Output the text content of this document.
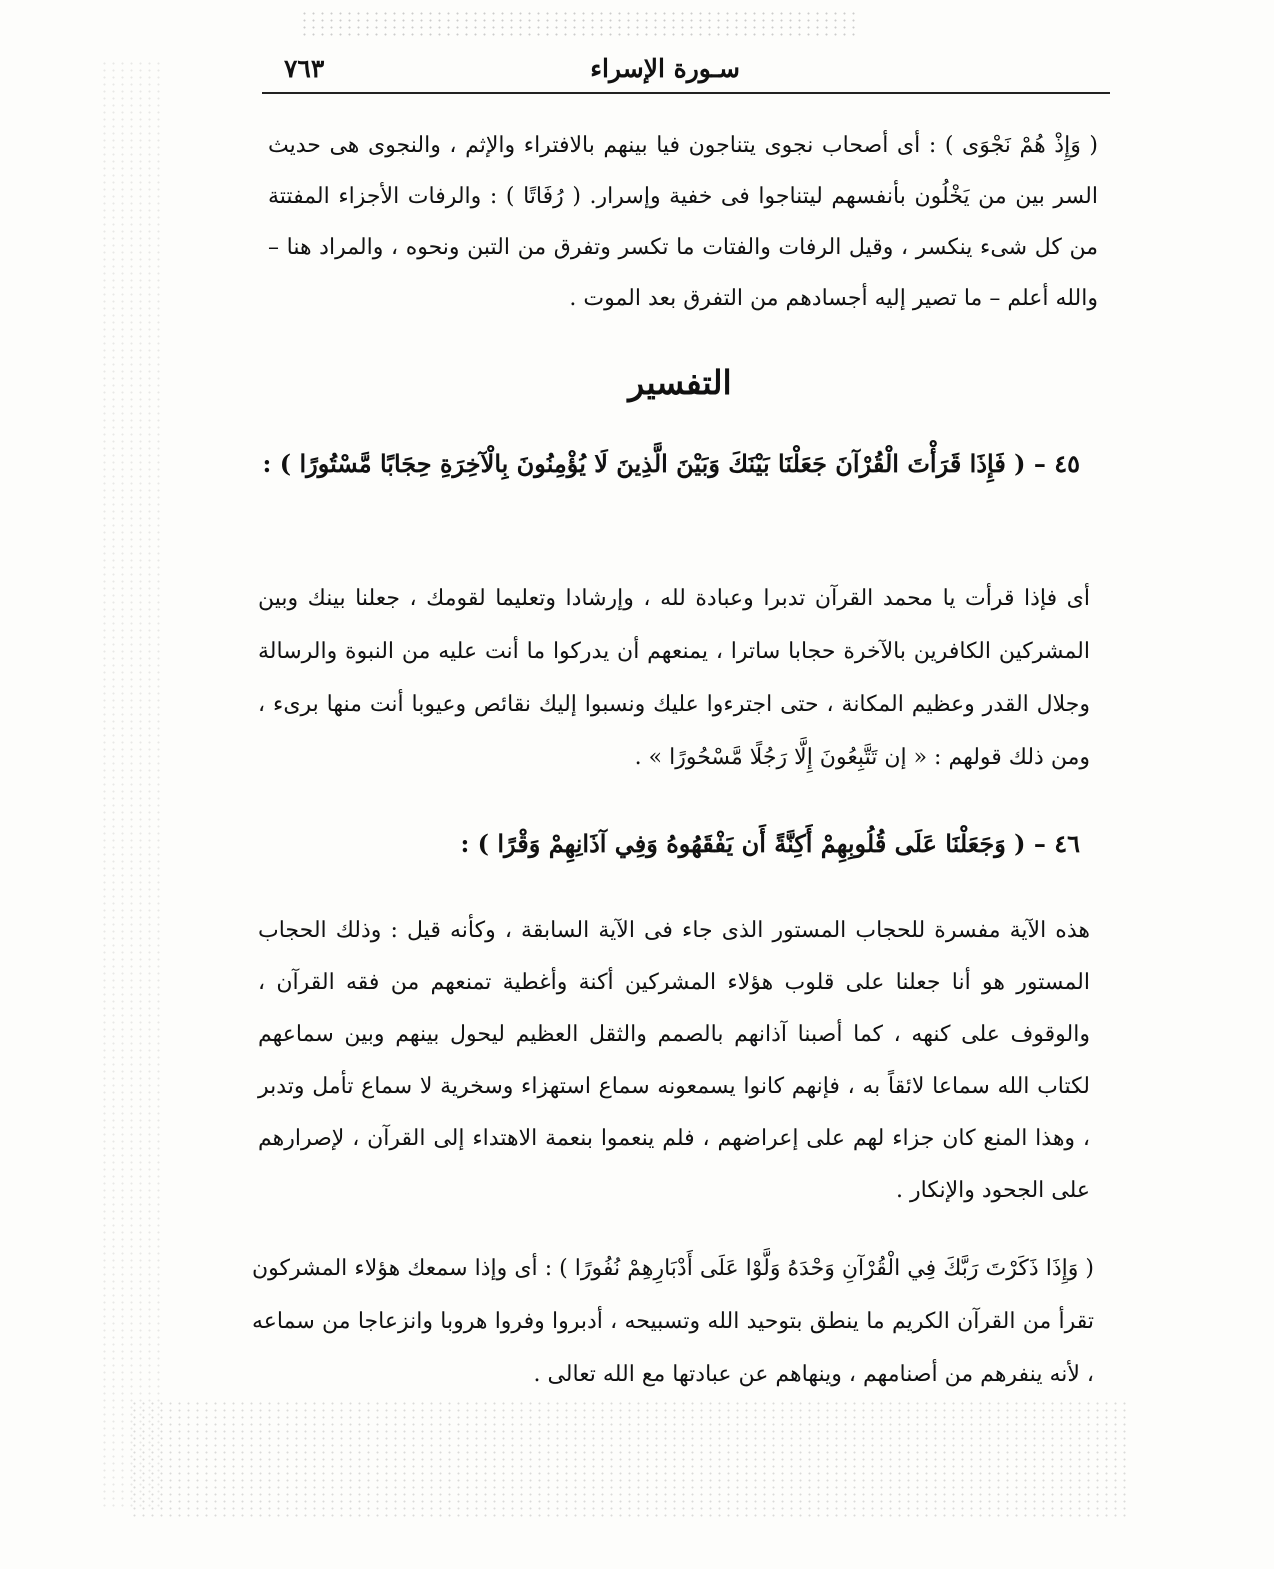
سـورة الإسراء
٧٦٣
( وَإِذْ هُمْ نَجْوَى ) : أى أصحاب نجوى يتناجون فيا بينهم بالافتراء والإثم ، والنجوى هى حديث السر بين من يَخْلُون بأنفسهم ليتناجوا فى خفية وإسرار. ( رُفَاتًا ) : والرفات الأجزاء المفتتة من كل شىء ينكسر ، وقيل الرفات والفتات ما تكسر وتفرق من التبن ونحوه ، والمراد هنا – والله أعلم – ما تصير إليه أجسادهم من التفرق بعد الموت .
التفسير
٤٥ – ( فَإِذَا قَرَأْتَ الْقُرْآنَ جَعَلْنَا بَيْنَكَ وَبَيْنَ الَّذِينَ لَا يُؤْمِنُونَ بِالْآخِرَةِ حِجَابًا مَّسْتُورًا ) :
أى فإذا قرأت يا محمد القرآن تدبرا وعبادة لله ، وإرشادا وتعليما لقومك ، جعلنا بينك وبين المشركين الكافرين بالآخرة حجابا ساترا ، يمنعهم أن يدركوا ما أنت عليه من النبوة والرسالة وجلال القدر وعظيم المكانة ، حتى اجترءوا عليك ونسبوا إليك نقائص وعيوبا أنت منها برىء ، ومن ذلك قولهم : « إن تَتَّبِعُونَ إِلَّا رَجُلًا مَّسْحُورًا » .
٤٦ – ( وَجَعَلْنَا عَلَى قُلُوبِهِمْ أَكِنَّةً أَن يَفْقَهُوهُ وَفِي آذَانِهِمْ وَقْرًا ) :
هذه الآية مفسرة للحجاب المستور الذى جاء فى الآية السابقة ، وكأنه قيل : وذلك الحجاب المستور هو أنا جعلنا على قلوب هؤلاء المشركين أكنة وأغطية تمنعهم من فقه القرآن ، والوقوف على كنهه ، كما أصبنا آذانهم بالصمم والثقل العظيم ليحول بينهم وبين سماعهم لكتاب الله سماعا لائقاً به ، فإنهم كانوا يسمعونه سماع استهزاء وسخرية لا سماع تأمل وتدبر ، وهذا المنع كان جزاء لهم على إعراضهم ، فلم ينعموا بنعمة الاهتداء إلى القرآن ، لإصرارهم على الجحود والإنكار .
( وَإِذَا ذَكَرْتَ رَبَّكَ فِي الْقُرْآنِ وَحْدَهُ وَلَّوْا عَلَى أَدْبَارِهِمْ نُفُورًا ) : أى وإذا سمعك هؤلاء المشركون تقرأ من القرآن الكريم ما ينطق بتوحيد الله وتسبيحه ، أدبروا وفروا هروبا وانزعاجا من سماعه ، لأنه ينفرهم من أصنامهم ، وينهاهم عن عبادتها مع الله تعالى .
